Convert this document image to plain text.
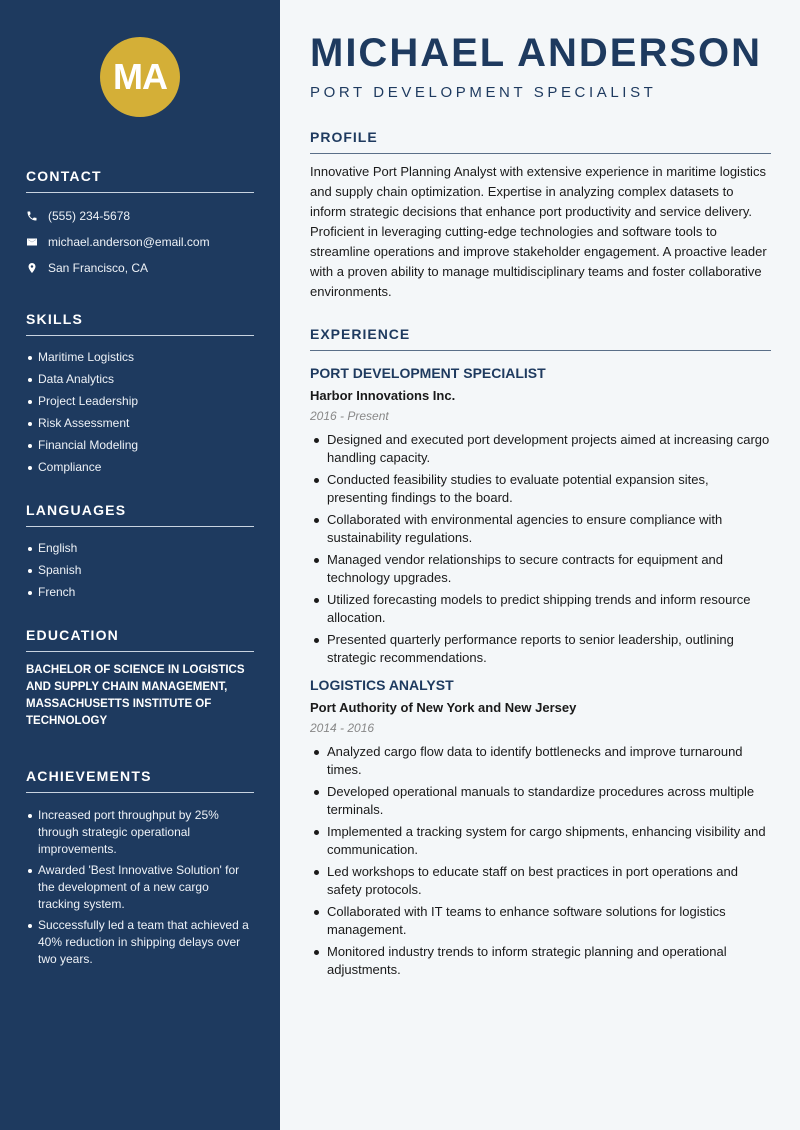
MA
CONTACT
(555) 234-5678
michael.anderson@email.com
San Francisco, CA
SKILLS
Maritime Logistics
Data Analytics
Project Leadership
Risk Assessment
Financial Modeling
Compliance
LANGUAGES
English
Spanish
French
EDUCATION
BACHELOR OF SCIENCE IN LOGISTICS AND SUPPLY CHAIN MANAGEMENT, MASSACHUSETTS INSTITUTE OF TECHNOLOGY
ACHIEVEMENTS
Increased port throughput by 25% through strategic operational improvements.
Awarded 'Best Innovative Solution' for the development of a new cargo tracking system.
Successfully led a team that achieved a 40% reduction in shipping delays over two years.
MICHAEL ANDERSON
PORT DEVELOPMENT SPECIALIST
PROFILE

Innovative Port Planning Analyst with extensive experience in maritime logistics and supply chain optimization. Expertise in analyzing complex datasets to inform strategic decisions that enhance port productivity and service delivery. Proficient in leveraging cutting-edge technologies and software tools to streamline operations and improve stakeholder engagement. A proactive leader with a proven ability to manage multidisciplinary teams and foster collaborative environments.

EXPERIENCE
PORT DEVELOPMENT SPECIALIST
Harbor Innovations Inc.
2016 - Present
Designed and executed port development projects aimed at increasing cargo handling capacity.
Conducted feasibility studies to evaluate potential expansion sites, presenting findings to the board.
Collaborated with environmental agencies to ensure compliance with sustainability regulations.
Managed vendor relationships to secure contracts for equipment and technology upgrades.
Utilized forecasting models to predict shipping trends and inform resource allocation.
Presented quarterly performance reports to senior leadership, outlining strategic recommendations.
LOGISTICS ANALYST
Port Authority of New York and New Jersey
2014 - 2016
Analyzed cargo flow data to identify bottlenecks and improve turnaround times.
Developed operational manuals to standardize procedures across multiple terminals.
Implemented a tracking system for cargo shipments, enhancing visibility and communication.
Led workshops to educate staff on best practices in port operations and safety protocols.
Collaborated with IT teams to enhance software solutions for logistics management.
Monitored industry trends to inform strategic planning and operational adjustments.
